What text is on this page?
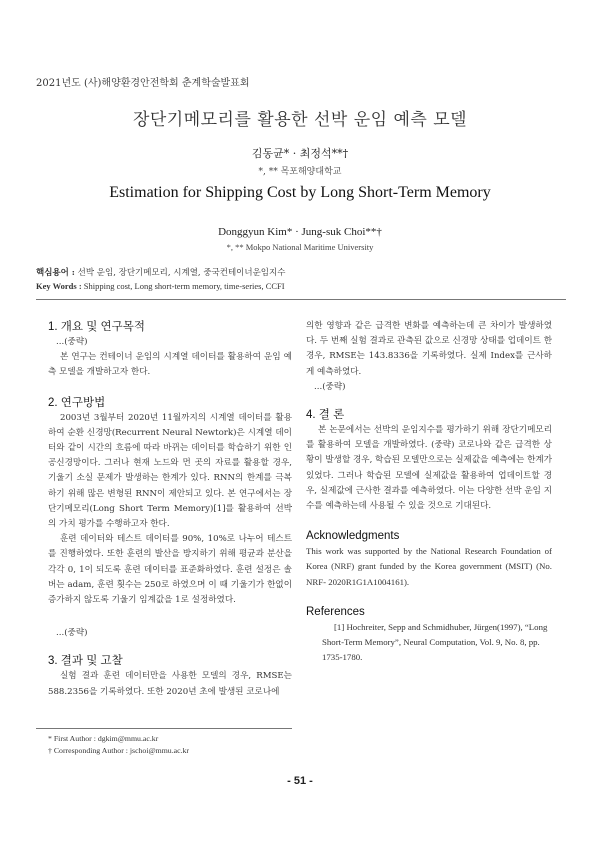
2021년도 (사)해양환경안전학회 춘계학술발표회
장단기메모리를 활용한 선박 운임 예측 모델
김동균* · 최정석**†
*, ** 목포해양대학교
Estimation for Shipping Cost by Long Short-Term Memory
Donggyun Kim* · Jung-suk Choi**†
*, ** Mokpo National Maritime University
핵심용어 : 선박 운임, 장단기메모리, 시계열, 중국컨테이너운임지수
Key Words : Shipping cost, Long short-term memory, time-series, CCFI
1. 개요 및 연구목적

...(중략)

본 연구는 컨테이너 운임의 시계열 데이터를 활용하여 운임 예측 모델을 개발하고자 한다.

2. 연구방법

2003년 3월부터 2020년 11월까지의 시계열 데이터를 활용하여 순환 신경망(Recurrent Neural Newtork)은 시계열 데이터와 같이 시간의 흐름에 따라 바뀌는 데이터를 학습하기 위한 인공신경망이다. 그러나 현재 노드와 먼 곳의 자료를 활용할 경우, 기울기 소실 문제가 발생하는 한계가 있다. RNN의 한계를 극복하기 위해 많은 변형된 RNN이 제안되고 있다. 본 연구에서는 장단기메모리(Long Short Term Memory)[1]를 활용하여 선박의 가치 평가를 수행하고자 한다.

훈련 데이터와 테스트 데이터를 90%, 10%로 나누어 테스트를 진행하였다. 또한 훈련의 발산을 방지하기 위해 평균과 분산을 각각 0, 1이 되도록 훈련 데이터를 표준화하였다. 훈련 설정은 솔버는 adam, 훈련 횟수는 250로 하였으며 이 때 기울기가 한없이 증가하지 않도록 기울기 임계값을 1로 설정하였다.

...(중략)

3. 결과 및 고찰

실험 결과 훈련 데이터만을 사용한 모델의 경우, RMSE는 588.2356을 기록하였다. 또한 2020년 초에 발생된 코로나에

의한 영향과 같은 급격한 변화를 예측하는데 큰 차이가 발생하였다. 두 번째 실험 결과로 관측된 값으로 신경망 상태를 업데이트 한 경우, RMSE는 143.8336을 기록하였다. 실제 Index를 근사하게 예측하였다.

...(중략)

4. 결 론

본 논문에서는 선박의 운임지수를 평가하기 위해 장단기메모리를 활용하여 모델을 개발하였다. (중략) 코로나와 같은 급격한 상황이 발생할 경우, 학습된 모델만으로는 실제값을 예측에는 한계가 있었다. 그러나 학습된 모델에 실제값을 활용하여 업데이트할 경우, 실제값에 근사한 결과를 예측하였다. 이는 다양한 선박 운임 지수를 예측하는데 사용될 수 있을 것으로 기대된다.

Acknowledgments

This work was supported by the National Research Foundation of Korea (NRF) grant funded by the Korea government (MSIT) (No. NRF- 2020R1G1A1004161).

References

[1] Hochreiter, Sepp and Schmidhuber, Jürgen(1997), “Long Short-Term Memory”, Neural Computation, Vol. 9, No. 8, pp. 1735-1780.

* First Author : dgkim@mmu.ac.kr
† Corresponding Author : jschoi@mmu.ac.kr
- 51 -
